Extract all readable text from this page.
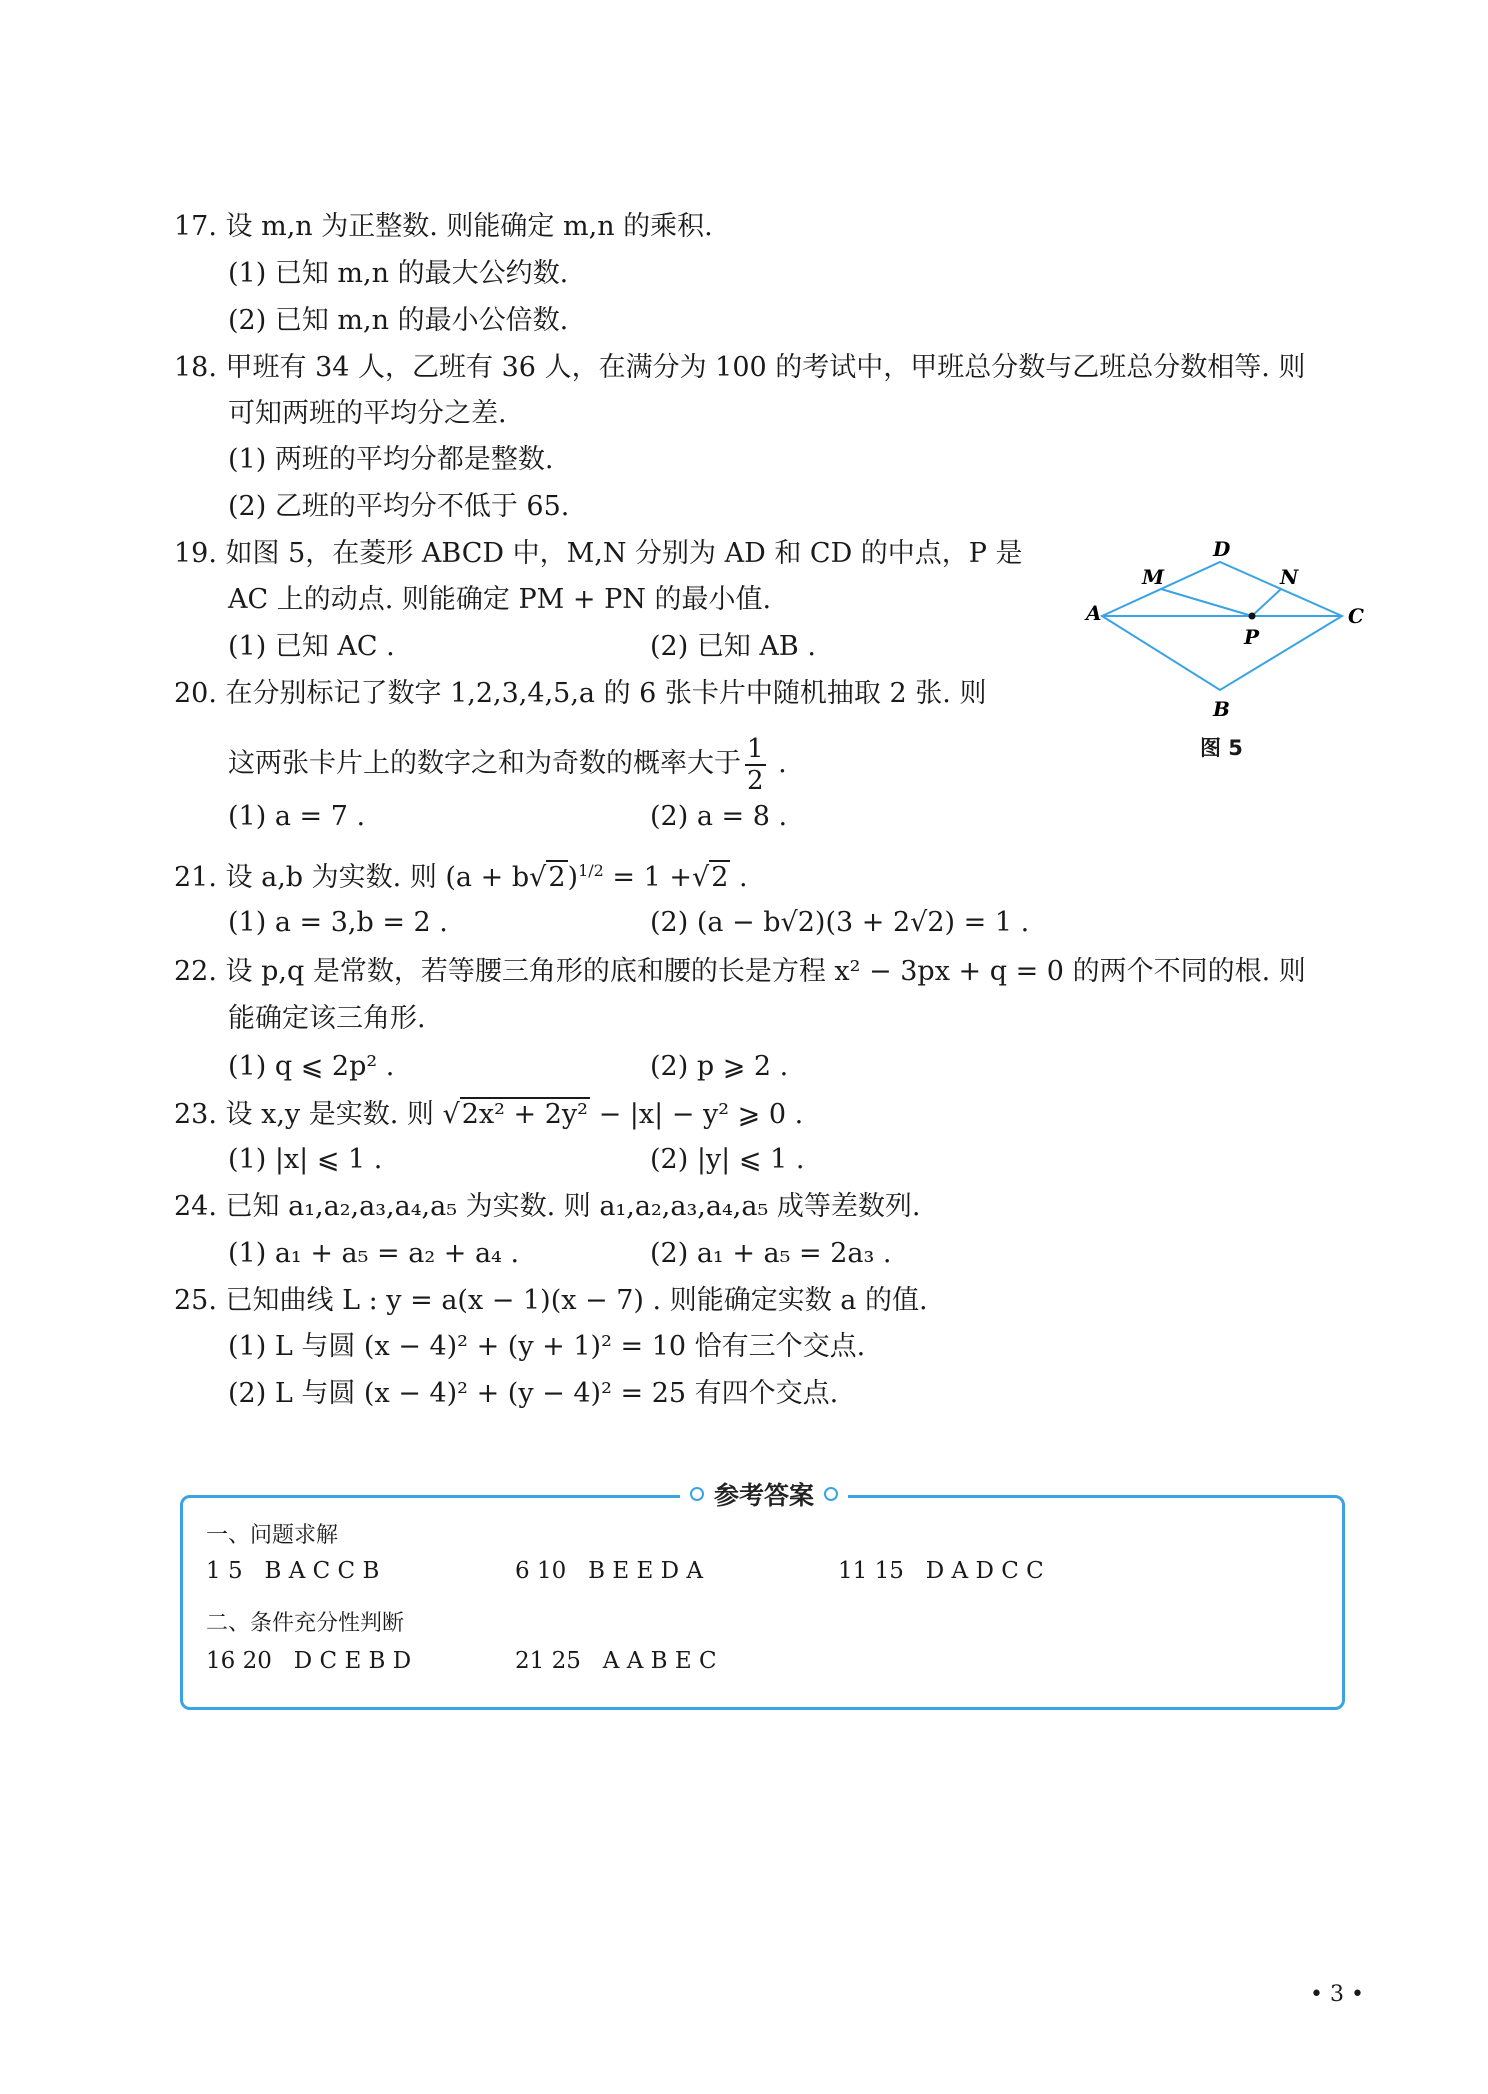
17. 设 m,n 为正整数. 则能确定 m,n 的乘积.
(1) 已知 m,n 的最大公约数.
(2) 已知 m,n 的最小公倍数.
18. 甲班有 34 人，乙班有 36 人，在满分为 100 的考试中，甲班总分数与乙班总分数相等. 则
可知两班的平均分之差.
(1) 两班的平均分都是整数.
(2) 乙班的平均分不低于 65.
19. 如图 5，在菱形 ABCD 中，M,N 分别为 AD 和 CD 的中点，P 是
AC 上的动点. 则能确定 PM + PN 的最小值.
(1) 已知 AC .	(2) 已知 AB .
A
D
C
B
M	N
P
图 5
20. 在分别标记了数字 1,2,3,4,5,a 的 6 张卡片中随机抽取 2 张. 则
这两张卡片上的数字之和为奇数的概率大于 $\frac{1}{2}$ .
(1) a = 7 .	(2) a = 8 .
21. 设 a,b 为实数. 则 $(a + b√2)^{1/2} = 1 +√2$ .
(1) a = 3,b = 2 .	(2) (a − b√2)(3 + 2√2) = 1 .
22. 设 p,q 是常数，若等腰三角形的底和腰的长是方程 x² − 3px + q = 0 的两个不同的根. 则
能确定该三角形.
(1) q ⩽ 2p² .	(2) p ⩾ 2 .
23. 设 x,y 是实数. 则 √2x² + 2y² − |x| − y² ⩾ 0 .
(1) |x| ⩽ 1 .	(2) |y| ⩽ 1 .
24. 已知 a₁,a₂,a₃,a₄,a₅ 为实数. 则 a₁,a₂,a₃,a₄,a₅ 成等差数列.
(1) a₁ + a₅ = a₂ + a₄ .	(2) a₁ + a₅ = 2a₃ .
25. 已知曲线 L : y = a(x − 1)(x − 7) . 则能确定实数 a 的值.
(1) L 与圆 (x − 4)² + (y + 1)² = 10 恰有三个交点.
(2) L 与圆 (x − 4)² + (y − 4)² = 25 有四个交点.
参考答案
一、问题求解
1 5 B A C C B	6 10 B E E D A	11 15 D A D C C
二、条件充分性判断
16 20 D C E B D	21 25 A A B E C
• 3 •
